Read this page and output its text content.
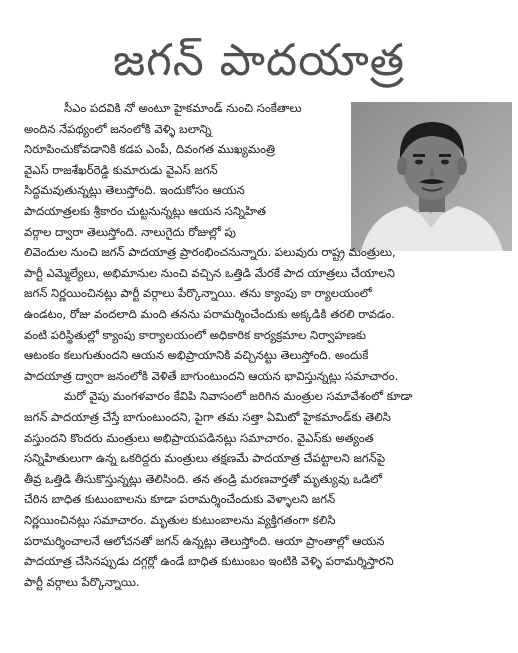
జగన్ పాదయాత్ర
సీఎం పదవికి నో అంటూ హైకమాండ్ నుంచి సంకేతాలు
అందిన నేపథ్యంలో జనంలోకి వెళ్ళి బలాన్ని
నిరూపించుకోవడానికి కడప ఎంపీ, దివంగత ముఖ్యమంత్రి
వైఎస్ రాజశేఖర్‌రెడ్డి కుమారుడు వైఎస్ జగన్
సిద్ధమవుతున్నట్లు తెలుస్తోంది. ఇందుకోసం ఆయన
పాదయాత్రలకు శ్రీకారం చుట్టనున్నట్లు ఆయన సన్నిహిత
వర్గాల ద్వారా తెలుస్తోంది. నాలుగైదు రోజుల్లో పు
లివెందుల నుంచి జగన్ పాదయాత్ర ప్రారంభించనున్నారు. పలువురు రాష్ట్ర మంత్రులు,
పార్టీ ఎమ్మెల్యేలు, అభిమానుల నుంచి వచ్చిన ఒత్తిడి మేరకే పాద యాత్రలు చేయాలని
జగన్ నిర్ణయించినట్లు పార్టీ వర్గాలు పేర్కొన్నాయి. తను క్యాంపు కా ర్యాలయంలో
ఉండటం, రోజు వందలాది మంది తనను పరామర్శించేందుకు అక్కడికి తరలి రావడం.
వంటి పరిస్థితుల్లో క్యాంపు కార్యాలయంలో అధికారిక కార్యక్రమాల నిర్వాహణకు
ఆటంకం కలుగుతుందని ఆయన అభిప్రాయానికి వచ్చినట్టు తెలుస్తోంది. అందుకే
పాదయాత్ర ద్వారా జనంలోకి వెళితే బాగుంటుందని ఆయన భావిస్తున్నట్లు సమాచారం.
మరో వైపు మంగళవారం కేవిపి నివాసంలో జరిగిన మంత్రుల సమావేశంలో కూడా
జగన్ పాదయాత్ర చేస్తే బాగుంటుందని, పైగా తమ సత్తా ఏమిటో హైకమాండ్‌కు తెలిసి
వస్తుందని కొందరు మంత్రులు అభిప్రాయపడినట్లు సమాచారం. వైఎస్‌కు అత్యంత
సన్నిహితులుగా ఉన్న ఒకరిద్దరు మంత్రులు తక్షణమే పాదయాత్ర చేపట్టాలని జగన్‌పై
తీవ్ర ఒత్తిడి తీసుకొస్తున్నట్లు తెలిసింది. తన తండ్రి మరణవార్తతో మృత్యువు ఒడిలో
చేరిన బాధిత కుటుంబాలను కూడా పరామర్శించేందుకు వెళ్ళాలని జగన్
నిర్ణయించినట్లు సమాచారం. మృతుల కుటుంబాలను వ్యక్తిగతంగా కలిసి
పరామర్శించాలనే ఆలోచనతో జగన్ ఉన్నట్లు తెలుస్తోంది. ఆయా ప్రాంతాల్లో ఆయన
పాదయాత్ర చేసినప్పుడు దగ్గర్లో ఉండే బాధిత కుటుంబం ఇంటికి వెళ్ళి పరామర్శిస్తారని
పార్టీ వర్గాలు పేర్కొన్నాయి.
